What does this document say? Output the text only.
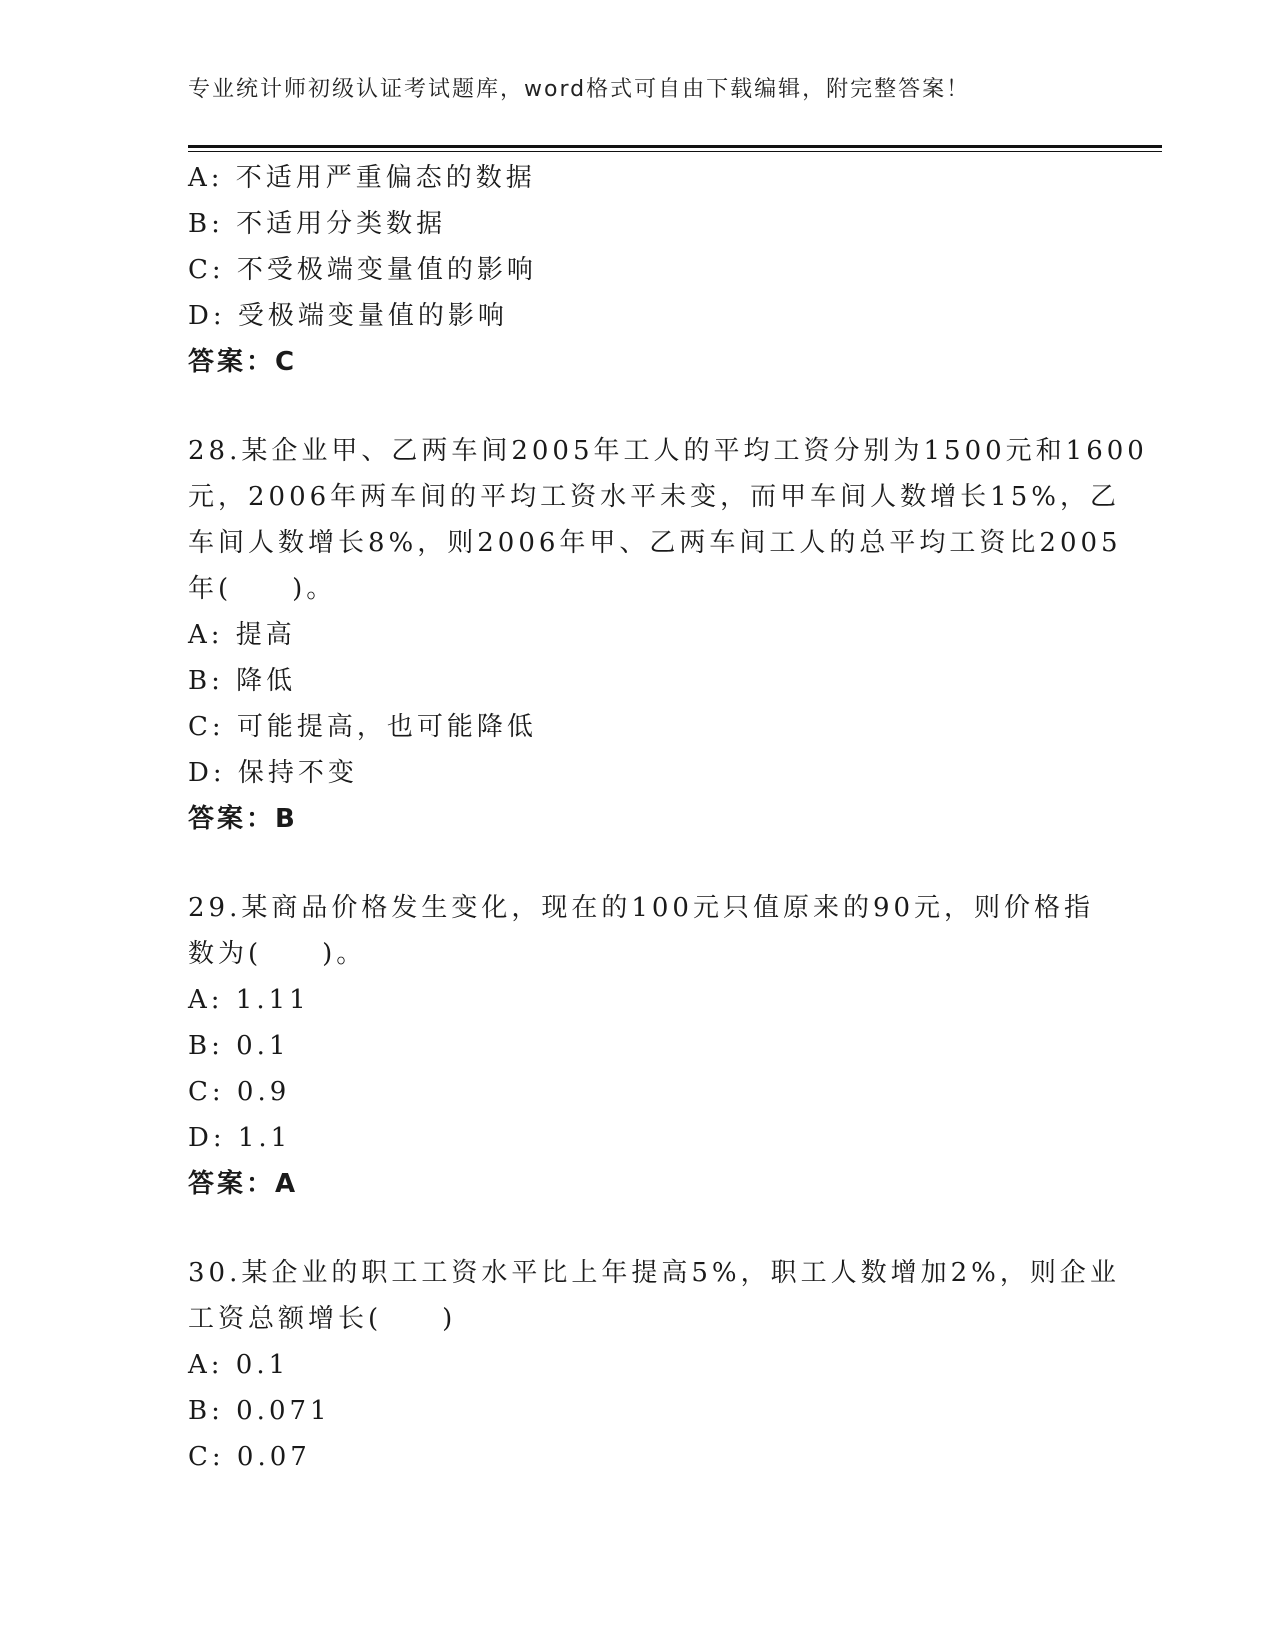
专业统计师初级认证考试题库，word格式可自由下载编辑，附完整答案！
A: 不适用严重偏态的数据
B: 不适用分类数据
C: 不受极端变量值的影响
D: 受极端变量值的影响
答案：C
28.某企业甲、乙两车间2005年工人的平均工资分别为1500元和1600
元，2006年两车间的平均工资水平未变，而甲车间人数增长15%，乙
车间人数增长8%，则2006年甲、乙两车间工人的总平均工资比2005
年(　　)。
A: 提高
B: 降低
C: 可能提高，也可能降低
D: 保持不变
答案：B
29.某商品价格发生变化，现在的100元只值原来的90元，则价格指
数为(　　)。
A: 1.11
B: 0.1
C: 0.9
D: 1.1
答案：A
30.某企业的职工工资水平比上年提高5%，职工人数增加2%，则企业
工资总额增长(　　)
A: 0.1
B: 0.071
C: 0.07
